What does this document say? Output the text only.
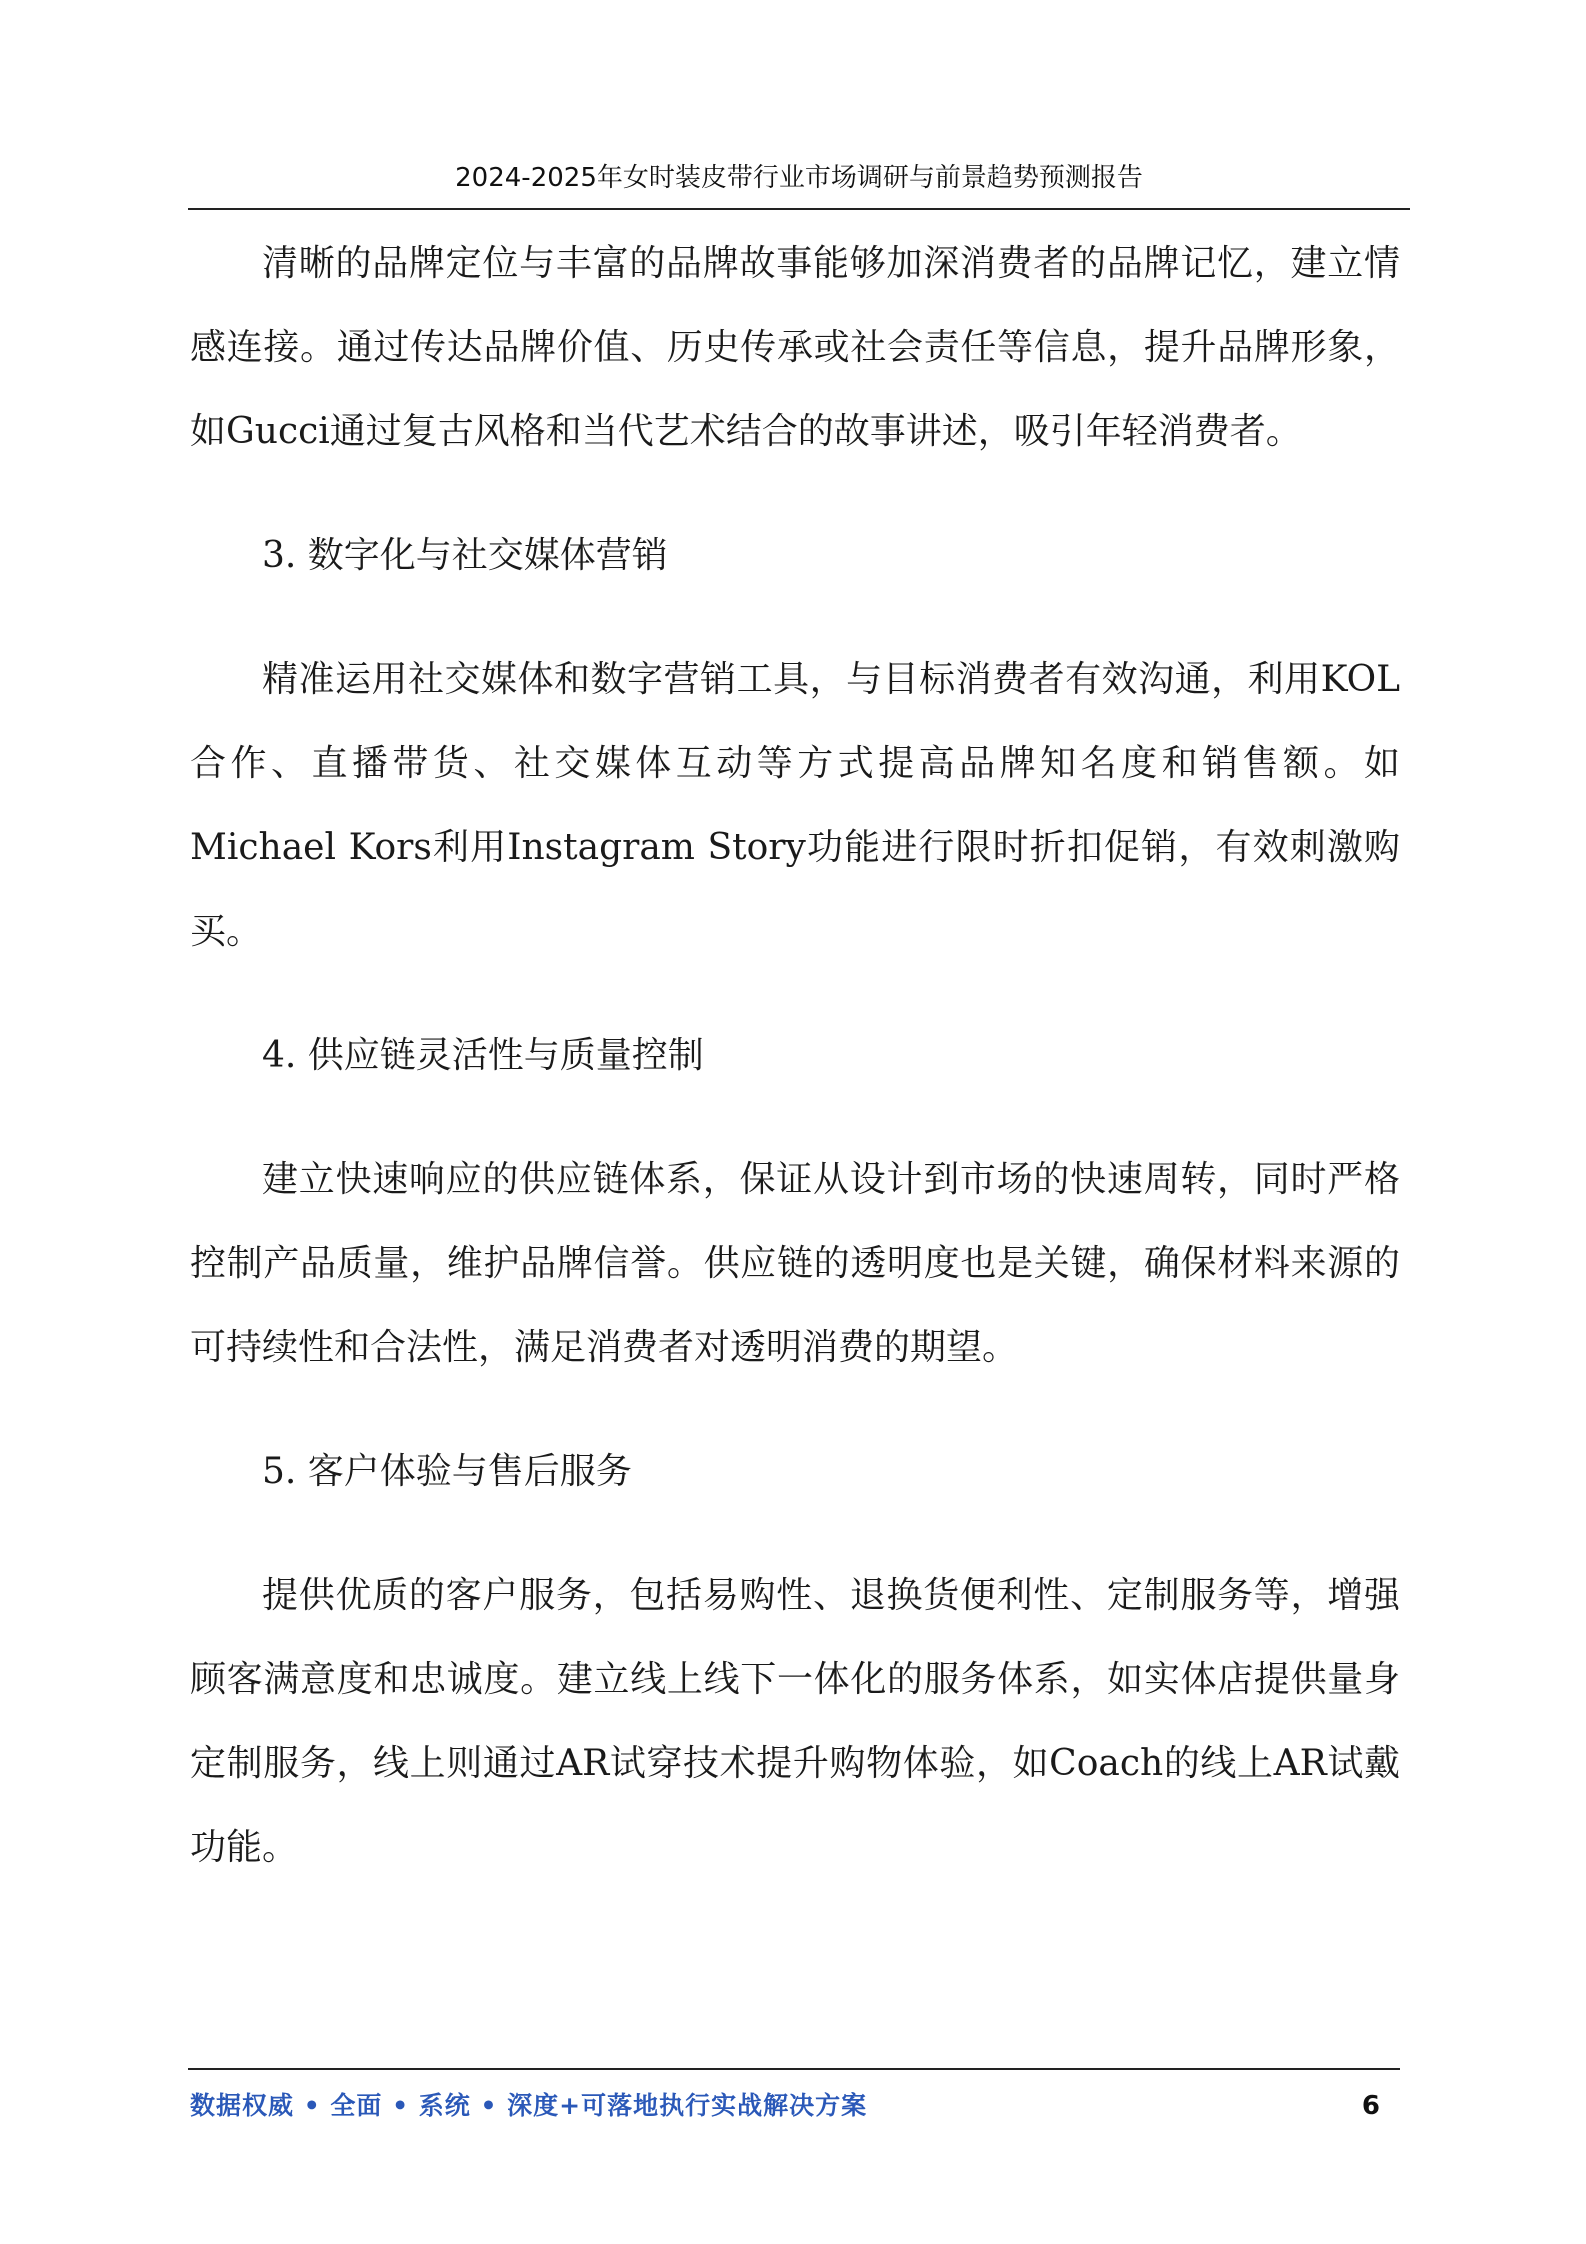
2024-2025年女时装皮带行业市场调研与前景趋势预测报告

清晰的品牌定位与丰富的品牌故事能够加深消费者的品牌记忆，建立情感连接。通过传达品牌价值、历史传承或社会责任等信息，提升品牌形象，如Gucci通过复古风格和当代艺术结合的故事讲述，吸引年轻消费者。

3. 数字化与社交媒体营销

精准运用社交媒体和数字营销工具，与目标消费者有效沟通，利用KOL合作、直播带货、社交媒体互动等方式提高品牌知名度和销售额。如Michael Kors利用Instagram Story功能进行限时折扣促销，有效刺激购买。

4. 供应链灵活性与质量控制

建立快速响应的供应链体系，保证从设计到市场的快速周转，同时严格控制产品质量，维护品牌信誉。供应链的透明度也是关键，确保材料来源的可持续性和合法性，满足消费者对透明消费的期望。

5. 客户体验与售后服务

提供优质的客户服务，包括易购性、退换货便利性、定制服务等，增强顾客满意度和忠诚度。建立线上线下一体化的服务体系，如实体店提供量身定制服务，线上则通过AR试穿技术提升购物体验，如Coach的线上AR试戴功能。

数据权威 • 全面 • 系统 • 深度+可落地执行实战解决方案	6
